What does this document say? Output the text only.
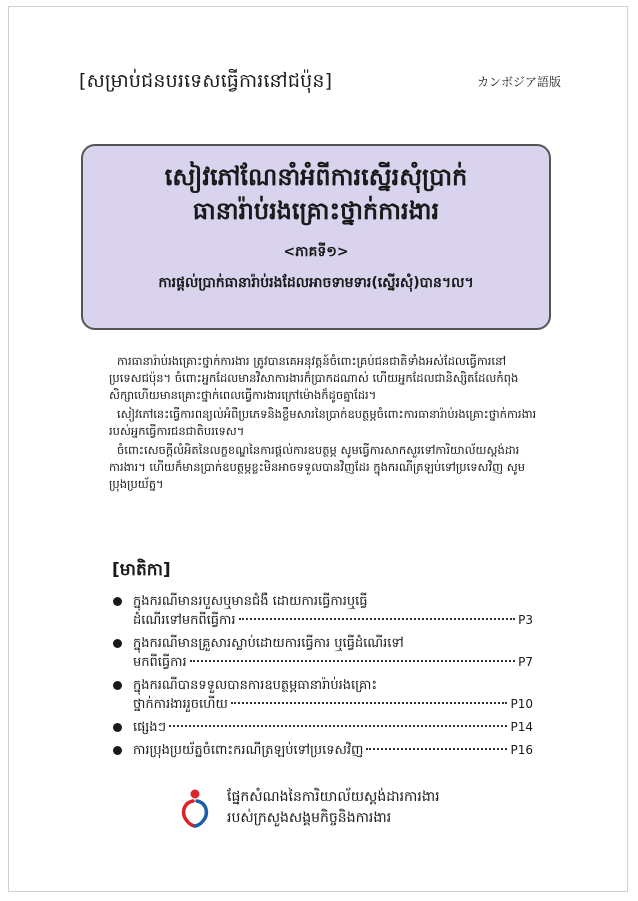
[សម្រាប់ជនបរទេសធ្វើការនៅជប៉ុន]	カンボジア語版
សៀវភៅណែនាំអំពីការស្នើរសុំប្រាក់
ធានារ៉ាប់រងគ្រោះថ្នាក់ការងារ
<ភាគទី១>
ការផ្ដល់ប្រាក់ធានារ៉ាប់រងដែលអាចទាមទារ(ស្នើរសុំ)បាន។ល។

ការធានារ៉ាប់រងគ្រោះថ្នាក់ការងារ ត្រូវបានគេអនុវត្តន៍ចំពោះគ្រប់ជនជាតិទាំងអស់ដែលធ្វើការនៅប្រទេសជប៉ុន។ ចំពោះអ្នកដែលមានវិសាការងារក៏ប្រាកដណាស់ ហើយអ្នកដែលជានិស្សិតដែលកំពុងសិក្សាហើយមានគ្រោះថ្នាក់ពេលធ្វើការងារក្រៅម៉ោងក៏ដូចគ្នាដែរ។

សៀវភៅនេះធ្វើការពន្យល់អំពីប្រភេទនិងខ្លឹមសារនៃប្រាក់ឧបត្ថម្ភចំពោះការធានារ៉ាប់រងគ្រោះថ្នាក់ការងាររបស់អ្នកធ្វើការជនជាតិបរទេស។

ចំពោះសេចក្ដីលំអិតនៃលក្ខខណ្ឌនៃការផ្ដល់ការឧបត្ថម្ភ សូមធ្វើការសាកសួរទៅការិយាល័យស្ដង់ដារការងារ។ ហើយក៏មានប្រាក់ឧបត្ថម្ភខ្លះមិនអាចទទួលបានវិញដែរ ក្នុងករណីត្រឡប់ទៅប្រទេសវិញ សូមប្រុងប្រយ័ត្ន។

[មាតិកា]
ក្នុងករណីមានរបួសឬមានជំងឺ ដោយការធ្វើការឬធ្វើ
ដំណើរទៅមកពីធ្វើការ	P3
ក្នុងករណីមានគ្រួសារស្លាប់ដោយការធ្វើការ ឬធ្វើដំណើរទៅ
មកពីធ្វើការ	P7
ក្នុងករណីបានទទួលបានការឧបត្ថម្ភធានារ៉ាប់រងគ្រោះ
ថ្នាក់ការងាររួចហើយ	P10
ផ្សេងៗ	P14
ការប្រុងប្រយ័ត្នចំពោះករណីត្រឡប់ទៅប្រទេសវិញ	P16
ផ្នែកសំណងនៃការិយាល័យស្ដង់ដារការងារ
របស់ក្រសួងសង្គមកិច្ចនិងការងារ
